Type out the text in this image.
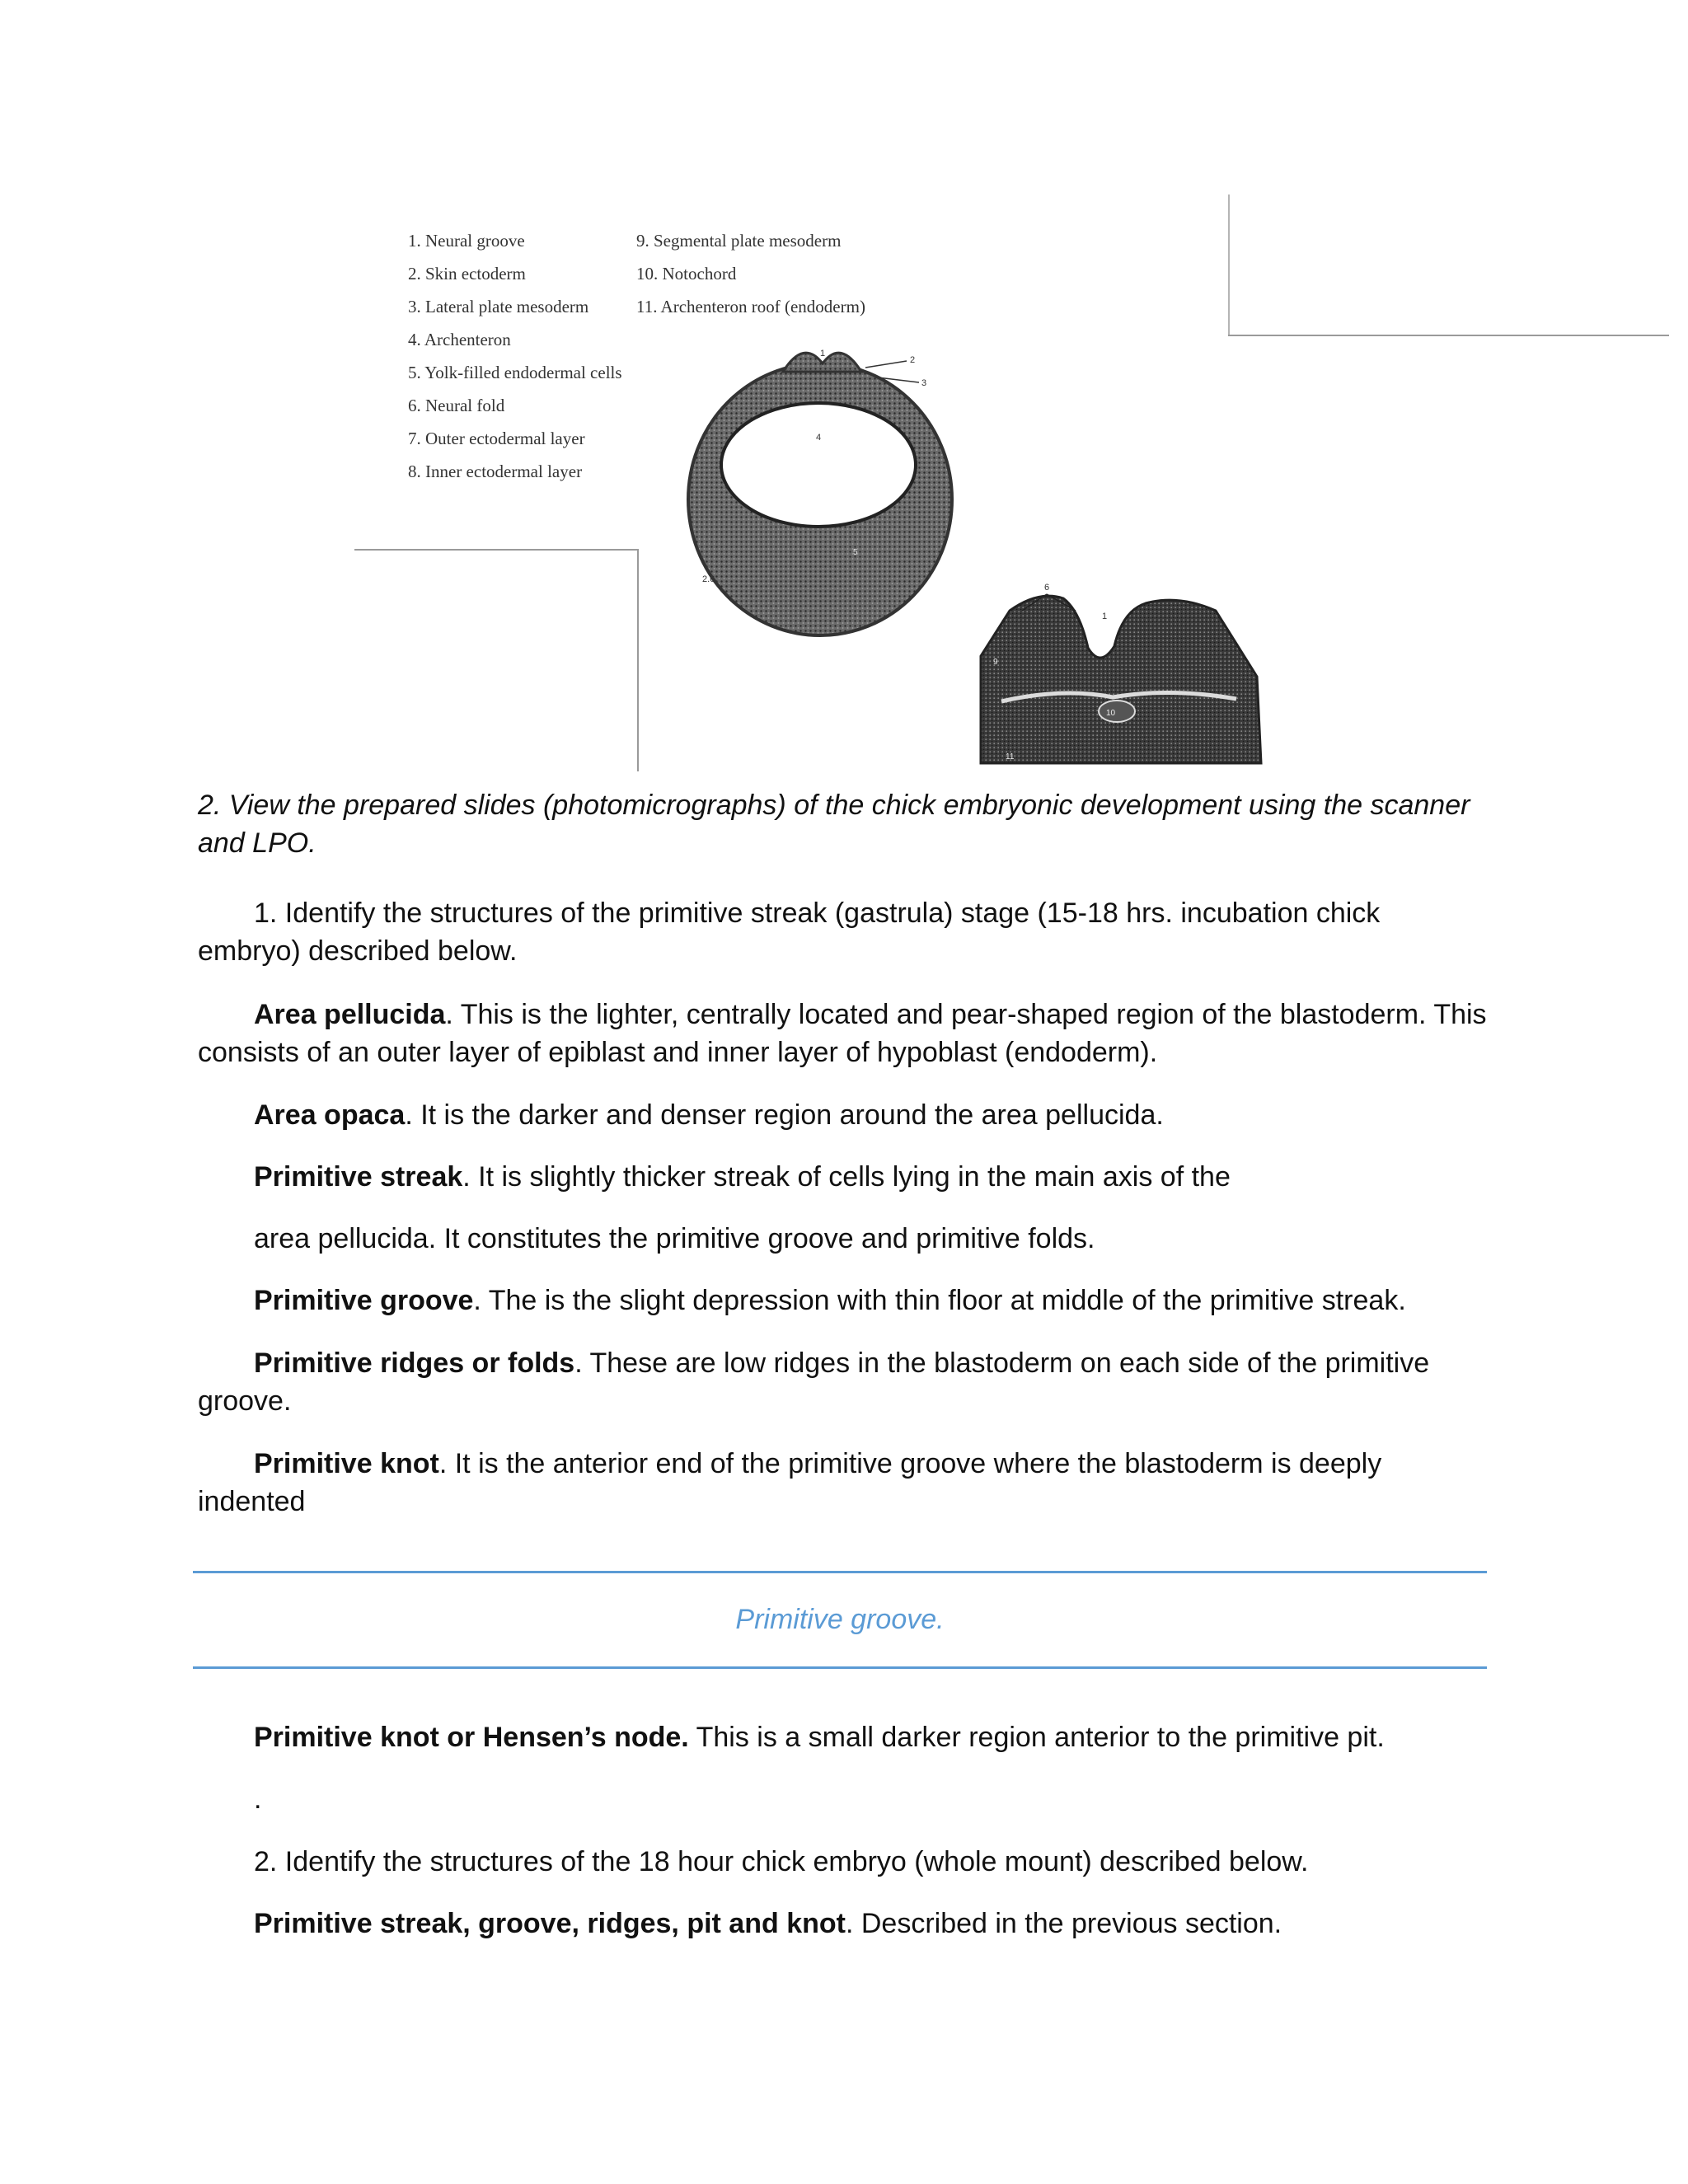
1. Neural groove
2. Skin ectoderm
3. Lateral plate mesoderm
4. Archenteron
5. Yolk-filled endodermal cells
6. Neural fold
7. Outer ectodermal layer
8. Inner ectodermal layer
9. Segmental plate mesoderm
10. Notochord
11. Archenteron roof (endoderm)
1
2
3
4
5
2.6
6
1
10
11
9
2. View the prepared slides (photomicrographs) of the chick embryonic development using the scanner
and LPO.
1. Identify the structures of the primitive streak (gastrula) stage (15-18 hrs. incubation chick
embryo) described below.
Area pellucida. This is the lighter, centrally located and pear-shaped region of the blastoderm. This
consists of an outer layer of epiblast and inner layer of hypoblast (endoderm).
Area opaca. It is the darker and denser region around the area pellucida.
Primitive streak. It is slightly thicker streak of cells lying in the main axis of the
area pellucida. It constitutes the primitive groove and primitive folds.
Primitive groove. The is the slight depression with thin floor at middle of the primitive streak.
Primitive ridges or folds. These are low ridges in the blastoderm on each side of the primitive
groove.
Primitive knot. It is the anterior end of the primitive groove where the blastoderm is deeply
indented
Primitive groove.
Primitive knot or Hensen’s node. This is a small darker region anterior to the primitive pit.
.
2. Identify the structures of the 18 hour chick embryo (whole mount) described below.
Primitive streak, groove, ridges, pit and knot. Described in the previous section.
